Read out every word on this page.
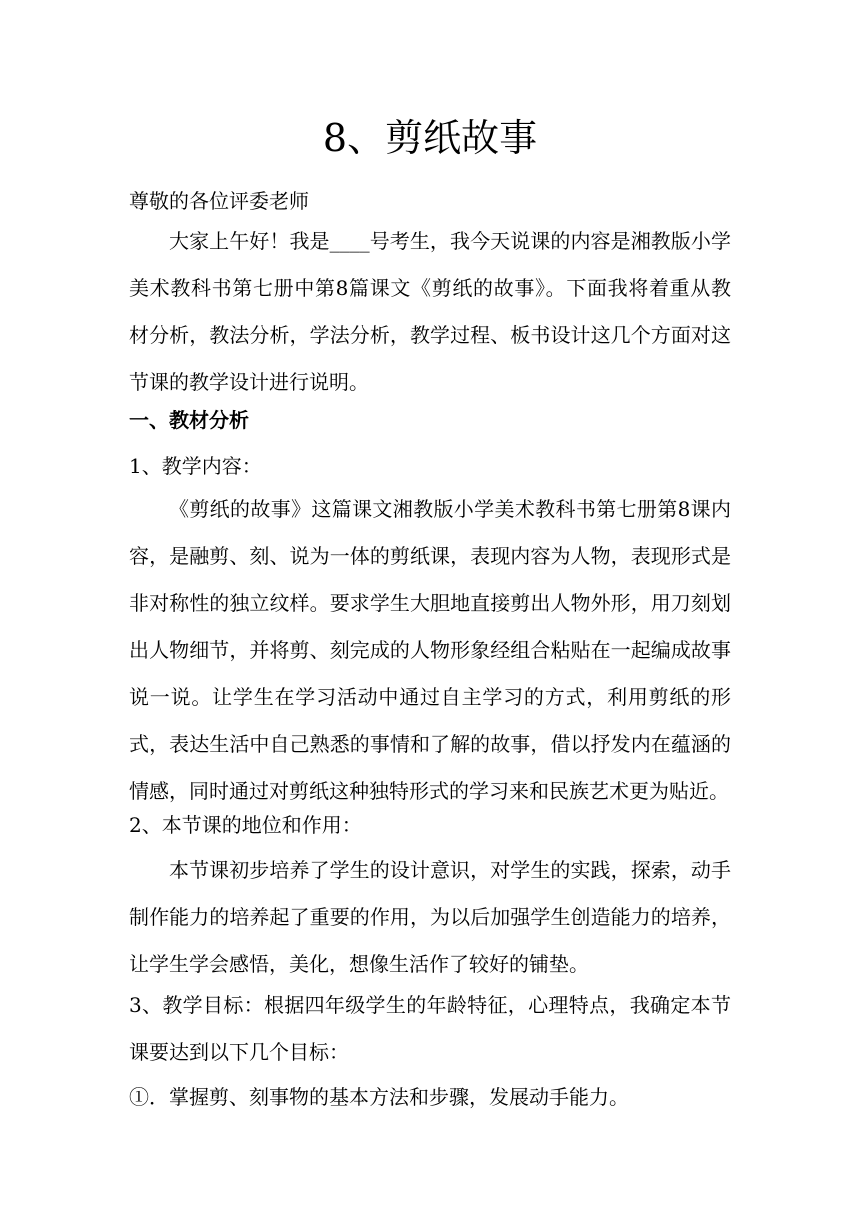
8、剪纸故事
尊敬的各位评委老师
大家上午好！我是____号考生，我今天说课的内容是湘教版小学美术教科书第七册中第8篇课文《剪纸的故事》。下面我将着重从教材分析，教法分析，学法分析，教学过程、板书设计这几个方面对这节课的教学设计进行说明。
一、教材分析
1、教学内容：
《剪纸的故事》这篇课文湘教版小学美术教科书第七册第8课内容，是融剪、刻、说为一体的剪纸课，表现内容为人物，表现形式是非对称性的独立纹样。要求学生大胆地直接剪出人物外形，用刀刻划出人物细节，并将剪、刻完成的人物形象经组合粘贴在一起编成故事说一说。让学生在学习活动中通过自主学习的方式，利用剪纸的形式，表达生活中自己熟悉的事情和了解的故事，借以抒发内在蕴涵的情感，同时通过对剪纸这种独特形式的学习来和民族艺术更为贴近。
2、本节课的地位和作用：
本节课初步培养了学生的设计意识，对学生的实践，探索，动手制作能力的培养起了重要的作用，为以后加强学生创造能力的培养，让学生学会感悟，美化，想像生活作了较好的铺垫。
3、教学目标：根据四年级学生的年龄特征，心理特点，我确定本节课要达到以下几个目标：
①．掌握剪、刻事物的基本方法和步骤，发展动手能力。
